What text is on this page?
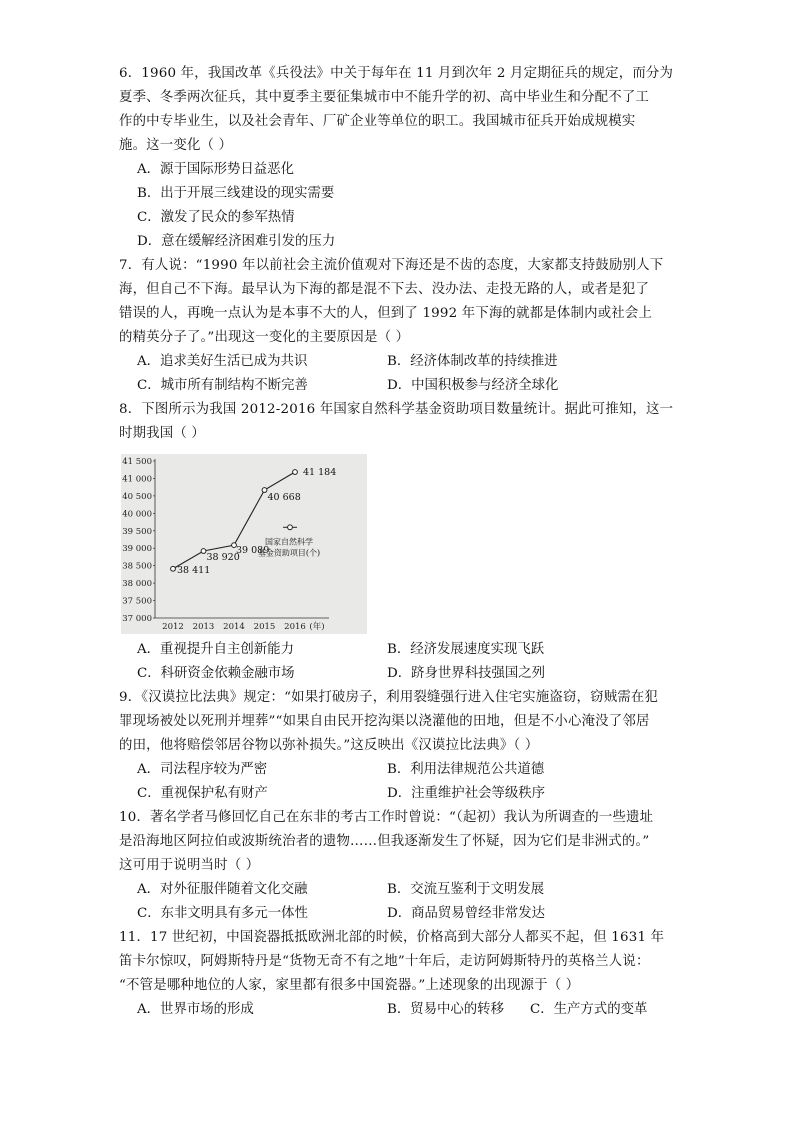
6．1960 年，我国改革《兵役法》中关于每年在 11 月到次年 2 月定期征兵的规定，而分为

夏季、冬季两次征兵，其中夏季主要征集城市中不能升学的初、高中毕业生和分配不了工

作的中专毕业生，以及社会青年、厂矿企业等单位的职工。我国城市征兵开始成规模实

施。这一变化（ ）

A．源于国际形势日益恶化

B．出于开展三线建设的现实需要

C．激发了民众的参军热情

D．意在缓解经济困难引发的压力

7．有人说：“1990 年以前社会主流价值观对下海还是不齿的态度，大家都支持鼓励别人下

海，但自己不下海。最早认为下海的都是混不下去、没办法、走投无路的人，或者是犯了

错误的人，再晚一点认为是本事不大的人，但到了 1992 年下海的就都是体制内或社会上

的精英分子了。”出现这一变化的主要原因是（ ）

A．追求美好生活已成为共识	B．经济体制改革的持续推进

C．城市所有制结构不断完善	D．中国积极参与经济全球化

8．下图所示为我国 2012-2016 年国家自然科学基金资助项目数量统计。据此可推知，这一

时期我国（ ）

37 000
37 500
38 000
38 500
39 000
39 500
40 000
40 500
41 000
41 500
2012 2013 2014 2015 2016 (年)
38 411
38 920
39 089
40 668
41 184
国家自然科学
基金资助项目(个)

A．重视提升自主创新能力	B．经济发展速度实现飞跃

C．科研资金依赖金融市场	D．跻身世界科技强国之列

9．《汉谟拉比法典》规定：“如果打破房子，利用裂缝强行进入住宅实施盗窃，窃贼需在犯

罪现场被处以死刑并埋葬”“如果自由民开挖沟渠以浇灌他的田地，但是不小心淹没了邻居

的田，他将赔偿邻居谷物以弥补损失。”这反映出《汉谟拉比法典》（ ）

A．司法程序较为严密	B．利用法律规范公共道德

C．重视保护私有财产	D．注重维护社会等级秩序

10．著名学者马修回忆自己在东非的考古工作时曾说：“（起初）我认为所调查的一些遗址

是沿海地区阿拉伯或波斯统治者的遗物……但我逐渐发生了怀疑，因为它们是非洲式的。”

这可用于说明当时（ ）

A．对外征服伴随着文化交融	B．交流互鉴利于文明发展

C．东非文明具有多元一体性	D．商品贸易曾经非常发达

11．17 世纪初，中国瓷器抵抵欧洲北部的时候，价格高到大部分人都买不起，但 1631 年

笛卡尔惊叹，阿姆斯特丹是“货物无奇不有之地”十年后，走访阿姆斯特丹的英格兰人说：

“不管是哪种地位的人家，家里都有很多中国瓷器。”上述现象的出现源于（ ）

A．世界市场的形成	B．贸易中心的转移	C．生产方式的变革
